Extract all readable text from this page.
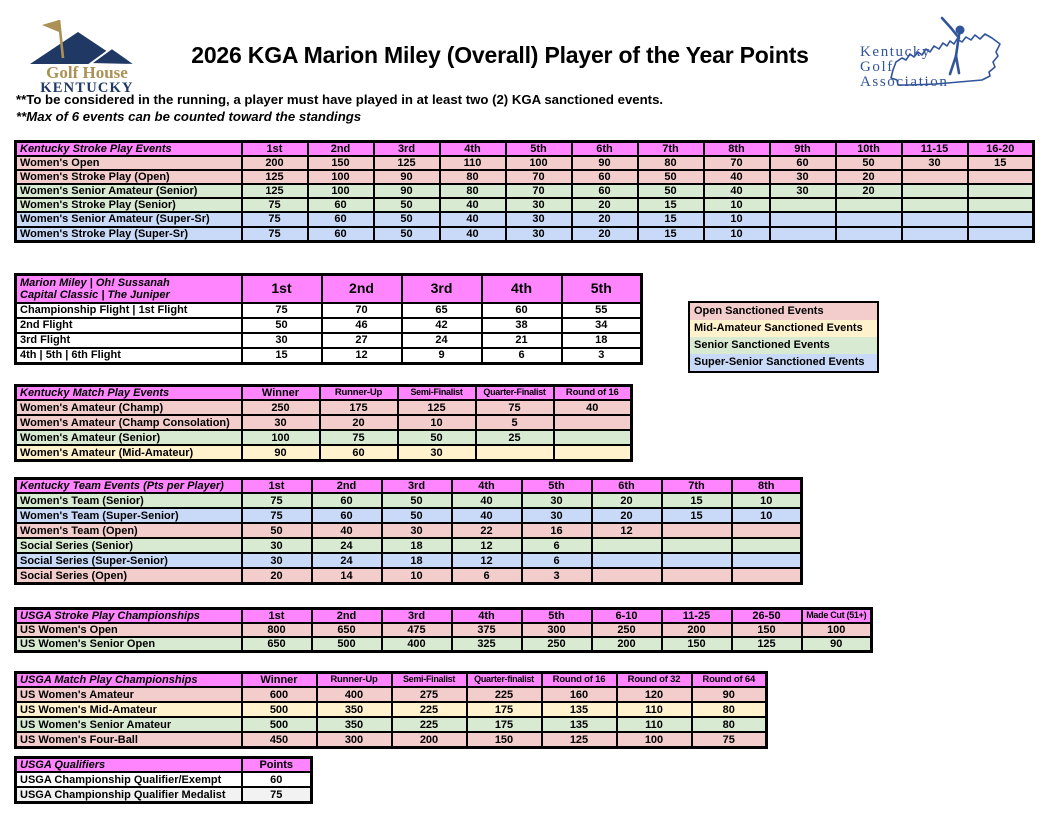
Golf House
KENTUCKY
2026 KGA Marion Miley (Overall) Player of the Year Points	Kentucky
Golf
Association
**To be considered in the running, a player must have played in at least two (2) KGA sanctioned events.
**Max of 6 events can be counted toward the standings
Kentucky Stroke Play Events	1st	2nd	3rd	4th	5th	6th	7th	8th	9th	10th	11-15	16-20
Women's Open	200	150	125	110	100	90	80	70	60	50	30	15
Women's Stroke Play (Open)	125	100	90	80	70	60	50	40	30	20		
Women's Senior Amateur (Senior)	125	100	90	80	70	60	50	40	30	20		
Women's Stroke Play (Senior)	75	60	50	40	30	20	15	10				
Women's Senior Amateur (Super-Sr)	75	60	50	40	30	20	15	10				
Women's Stroke Play (Super-Sr)	75	60	50	40	30	20	15	10				
Marion Miley | Oh! Sussanah
Capital Classic | The Juniper	1st	2nd	3rd	4th	5th
Championship Flight | 1st Flight	75	70	65	60	55
2nd Flight	50	46	42	38	34
3rd Flight	30	27	24	21	18
4th | 5th | 6th Flight	15	12	9	6	3
Kentucky Match Play Events	Winner	Runner-Up	Semi-Finalist	Quarter-Finalist	Round of 16
Women's Amateur (Champ)	250	175	125	75	40
Women's Amateur (Champ Consolation)	30	20	10	5	
Women's Amateur (Senior)	100	75	50	25	
Women's Amateur (Mid-Amateur)	90	60	30		
Kentucky Team Events (Pts per Player)	1st	2nd	3rd	4th	5th	6th	7th	8th
Women's Team (Senior)	75	60	50	40	30	20	15	10
Women's Team (Super-Senior)	75	60	50	40	30	20	15	10
Women's Team (Open)	50	40	30	22	16	12		
Social Series (Senior)	30	24	18	12	6			
Social Series (Super-Senior)	30	24	18	12	6			
Social Series (Open)	20	14	10	6	3			
USGA Stroke Play Championships	1st	2nd	3rd	4th	5th	6-10	11-25	26-50	Made Cut (51+)
US Women's Open	800	650	475	375	300	250	200	150	100
US Women's Senior Open	650	500	400	325	250	200	150	125	90
USGA Match Play Championships	Winner	Runner-Up	Semi-Finalist	Quarter-finalist	Round of 16	Round of 32	Round of 64
US Women's Amateur	600	400	275	225	160	120	90
US Women's Mid-Amateur	500	350	225	175	135	110	80
US Women's Senior Amateur	500	350	225	175	135	110	80
US Women's Four-Ball	450	300	200	150	125	100	75
USGA Qualifiers	Points
USGA Championship Qualifier/Exempt	60
USGA Championship Qualifier Medalist	75
Open Sanctioned Events
Mid-Amateur Sanctioned Events
Senior Sanctioned Events
Super-Senior Sanctioned Events
